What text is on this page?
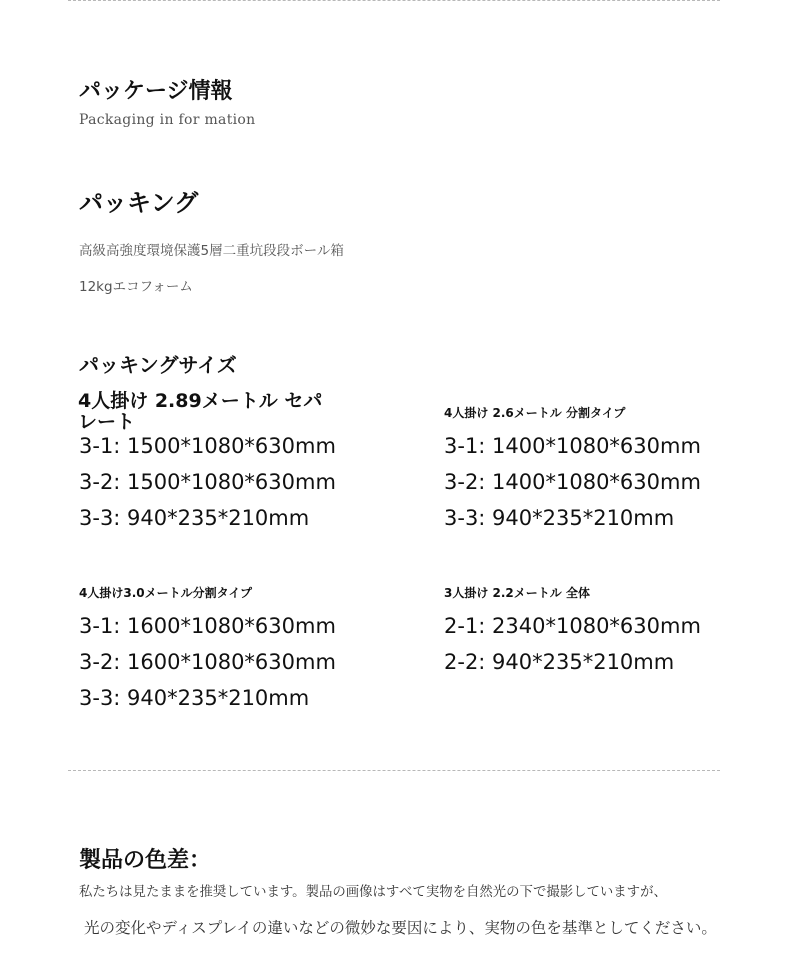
パッケージ情報
Packaging in for mation
パッキング
高級高強度環境保護5層二重坑段段ボール箱
12kgエコフォーム
パッキングサイズ
4人掛け 2.89メートル セパレート
3-1: 1500*1080*630mm
3-2: 1500*1080*630mm
3-3: 940*235*210mm
4人掛け 2.6メートル 分割タイプ
3-1: 1400*1080*630mm
3-2: 1400*1080*630mm
3-3: 940*235*210mm
4人掛け3.0メートル分割タイプ
3-1: 1600*1080*630mm
3-2: 1600*1080*630mm
3-3: 940*235*210mm
3人掛け 2.2メートル 全体
2-1: 2340*1080*630mm
2-2: 940*235*210mm
製品の色差：
私たちは見たままを推奨しています。製品の画像はすべて実物を自然光の下で撮影していますが、
光の変化やディスプレイの違いなどの微妙な要因により、実物の色を基準としてください。
